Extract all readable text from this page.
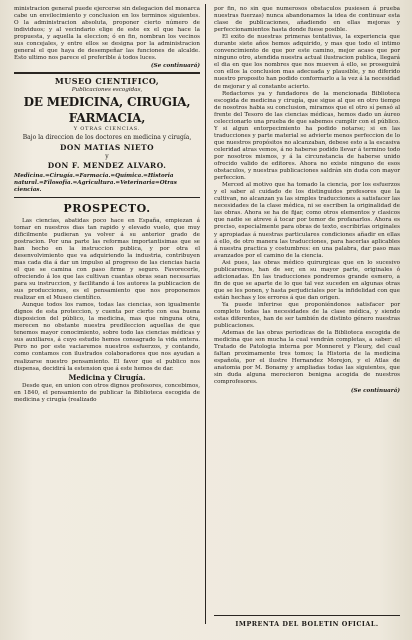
ministracion general puede ejercerse sin delegacion del monarca cabe un envilecimiento y conclusion en los terminos siguientes. O la administracion absoluta, proponer cierto número de individuos; y al vecindario elige de este ex el que hace la propuesta, y aquella la eleccion; ó en fin, nombran los vecinos sus concejales, y entre ellos se designa por la administracion general el que haya de desempeñar las funciones de alcalde. Esto ultimo nos parece el preferible á todos luces.

(Se continuará)
MUSEO CIENTIFICO,
Publicaciones escogidas,
DE MEDICINA, CIRUGIA, FARMACIA,
Y OTRAS CIENCIAS.
Bajo la direccion de los doctores en medicina y cirugía,
DON MATIAS NIETO
y
DON F. MENDEZ ALVARO.
Medicina.=Cirugía.=Farmacia.=Química.=Historia natural.=Filosofía.=Agricultura.=Veterinaria=Otras ciencias.
PROSPECTO.

Las ciencias, abatidas poco hace en España, empiezan á tomar en nuestros dias tan rapido y elevado vuelo, que muy dificilmente pudieran ya volver á su anterior grado de postracion. Por una parte las reformas importantisimas que se han hecho en la instruccion publica, y por otra el desenvolvimiento que va adquiriendo la industria, contribuyen mas cada dia á dar un impulso al progreso de las ciencias hacia el que se camina con paso firme y seguro. Favorecerle, ofreciendo á los que las cultivan cuantas obras sean necesarias para su instruccion, y facilitando á los autores la publicacion de sus producciones, es el pensamiento que nos proponemos realizar en el Museo científico.

Aunque todos los ramos, todas las ciencias, son igualmente dignos de esta proteccion, y cuenta por cierto con esa buena disposicion del público, la medicina, mas que ninguna otra, merecen no obstante nuestra predileccion aquellas de que tenemos mayor conocimiento, sobre todo las ciencias médicas y sus auxiliares, á cuyo estudio hemos consagrado la vida entera. Pero no por este vaciaremos nuestros esfuerzos, y contando, como contamos con ilustrados colaboradores que nos ayudan a realizarse nuestro pensamiento. El favor que el publico nos dispensa, decidirá la estension que á este hemos de dar.

Medicina y Cirugía.

Desde que, en union con otros dignos profesores, concebimos, en 1840, el pensamiento de publicar la Biblioteca escogida de medicina y cirugía (realizado

por fin, no sin que numerosos obstaculos pusiesen á prueba nuestras fuerzas) nunca abandonamos la idea de continuar esta clase de publicaciones, añadiendo en ellas mejoras y perfeccionamientos hasta donde fuese posible.

El exito de nuestras primeras tentativas, la experiencia que durante siete años hemos adquirido, y mas que todo el intimo convencimiento de que por este camino, mejor acaso que por ninguno otro, atendida nuestra actual ilustracion publica, llegará el dia en que los nombres que nos mueven á ello, se proseguirá con ellos la conclusion mas adecuada y plausible, y no diferido nuestro proposito han podido conformarlo a la vez á la necesidad de mejorar y al constante acierto.

Redactores ya y fundadores de la mencionada Biblioteca escogida de medicina y cirugía, que sigue al que en otro tiempo de nosotros habia su conclusion, miramos que el otro sí pensó al frente del Tesoro de las ciencias médicas, hemos dado un áureo celeccionarlo una prueba de que sabemos cumplir con el público. Y si algun entorpecimiento ha podido notarse; si en las traducciones y parte material se advierte menos perfeccion de lo que nuestros propósitos no alcanzaban, debese esto a la escasiva celeridad atras vemos, á no haberse podido llevar á termino todo por nosotros mismos, y á la circunstancia de haberse unido ofrecido valido de editores. Ahora no existe ninguno de esos obstaculos, y nuestras publicaciones saldrán sin duda con mayor perfeccion.

Merced al motivo que ha tomado la ciencia, por los esfuerzos y el saber al cuidado de los distinguidos profesores que la cultivan, no alcanzan ya las simples traducciones a satisfacer las necesidades de la clase médica, ni se escriben la originalidad de las obras. Ahora se ha de fijar, como otros elementos y clasicos que nadie se atreve á tocar por temor de profanarlos. Ahora es preciso, especialmente para obras de texto, escribirlas originales y apropiadas á nuestras particulares condiciones añadir en ellas á ello, de otro manera las traducciones, para hacerlas aplicables á nuestra practica y costumbres: en una palabra, dar paso mas avanzados por el camino de la ciencia.

Asi pues, las obras médico quirurgicas que en lo sucesivo publicaremos, han de ser, en su mayor parte, originales ó adicionadas. En las traducciones pondremos grande esmero, a fin de que se aparte de lo que tal vez suceden en algunas otras que se les ponen, y hasta perjudiciales por la infidelidad con que están hechas y los errores á que dan origen.

Ya puede inferirse que proponiéndonos satisfacer por completo todas las necesidades de la clase médica, y siendo estas diferentes, han de ser también de distinto género nuestras publicaciones.

Ademas de las obras periodicas de la Biblioteca escogida de medicina que son mucha la cual vendrán completas, a saber: el Tratado de Patologia interna por Monneret y Fleury, del cual faltan proximamente tres tomos; la Historia de la medicina española, por el ilustre Hernandez Morejon, y el Atlas de anatomia por M. Bonamy y ampliadas todas las siguientes, que sin duda alguna merecieron benigna acogida de nuestros comprofesores.

(Se continuará)
IMPRENTA DEL BOLETIN OFICIAL.
